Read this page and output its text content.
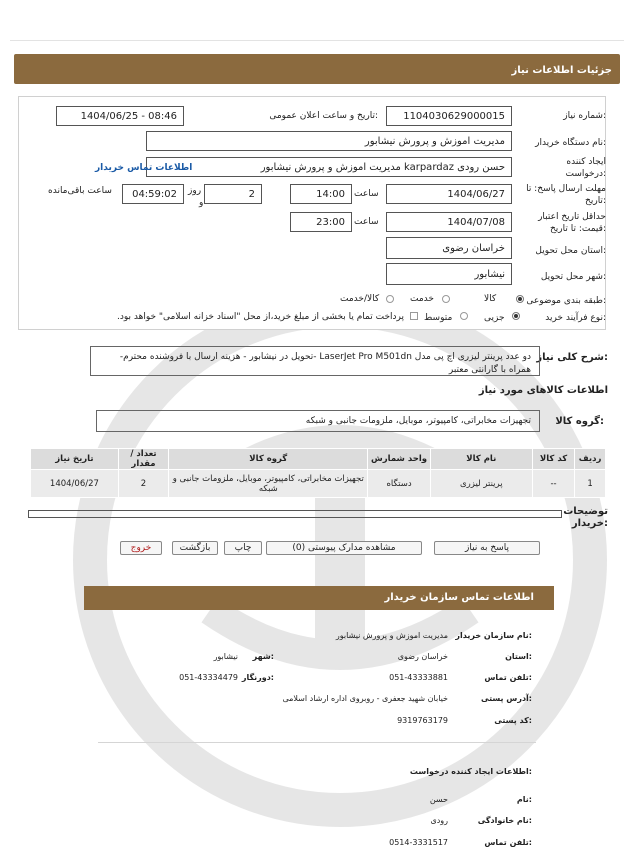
جزئیات اطلاعات نیاز
شماره نیاز:
1104030629000015
تاریخ و ساعت اعلان عمومی:
1404/06/25 - 08:46
نام دستگاه خریدار:
مدیریت اموزش و پرورش نیشابور
ایجاد کننده
درخواست:
حسن رودی karpardaz مدیریت اموزش و پرورش نیشابور
اطلاعات تماس خریدار
مهلت ارسال پاسخ: تا
تاریخ:
1404/06/27
ساعت
14:00
2
روز
و
04:59:02
ساعت باقی‌مانده
حداقل تاریخ اعتبار
قیمت: تا تاریخ:
1404/07/08
ساعت
23:00
استان محل تحویل:
خراسان رضوی
شهر محل تحویل:
نیشابور
طبقه بندی موضوعی:
کالا
خدمت
کالا/خدمت
نوع فرآیند خرید:
جزیی
متوسط
پرداخت تمام یا بخشی از مبلغ خرید،از محل "اسناد خزانه اسلامی" خواهد بود.
شرح کلی نیاز:
دو عدد پرینتر لیزری اچ پی مدل LaserJet Pro M501dn -تحویل در نیشابور - هزینه ارسال با فروشنده محترم- همراه با گارانتی معتبر
اطلاعات کالاهای مورد نیاز
گروه کالا:
تجهیزات مخابراتی، کامپیوتر، موبایل، ملزومات جانبی و شبکه
ردیف	کد کالا	نام کالا	واحد شمارش	گروه کالا	تعداد / مقدار	تاریخ نیاز
1	--	پرینتر لیزری	دستگاه	تجهیزات مخابراتی، کامپیوتر، موبایل، ملزومات جانبی و شبکه	2	1404/06/27
توضیحات
خریدار:
پاسخ به نیاز
مشاهده مدارک پیوستی (0)
چاپ
بازگشت
خروج
اطلاعات تماس سازمان خریدار
نام سازمان خریدار:
مدیریت اموزش و پرورش نیشابور
استان:
خراسان رضوی
شهر:
نیشابور
تلفن تماس:
051-43333881
دورنگار:
051-43334479
آدرس پستی:
خیابان شهید جعفری - روبروی اداره ارشاد اسلامی
کد پستی:
9319763179
اطلاعات ایجاد کننده درخواست:
نام:
حسن
نام خانوادگی:
رودی
تلفن تماس:
0514-3331517
